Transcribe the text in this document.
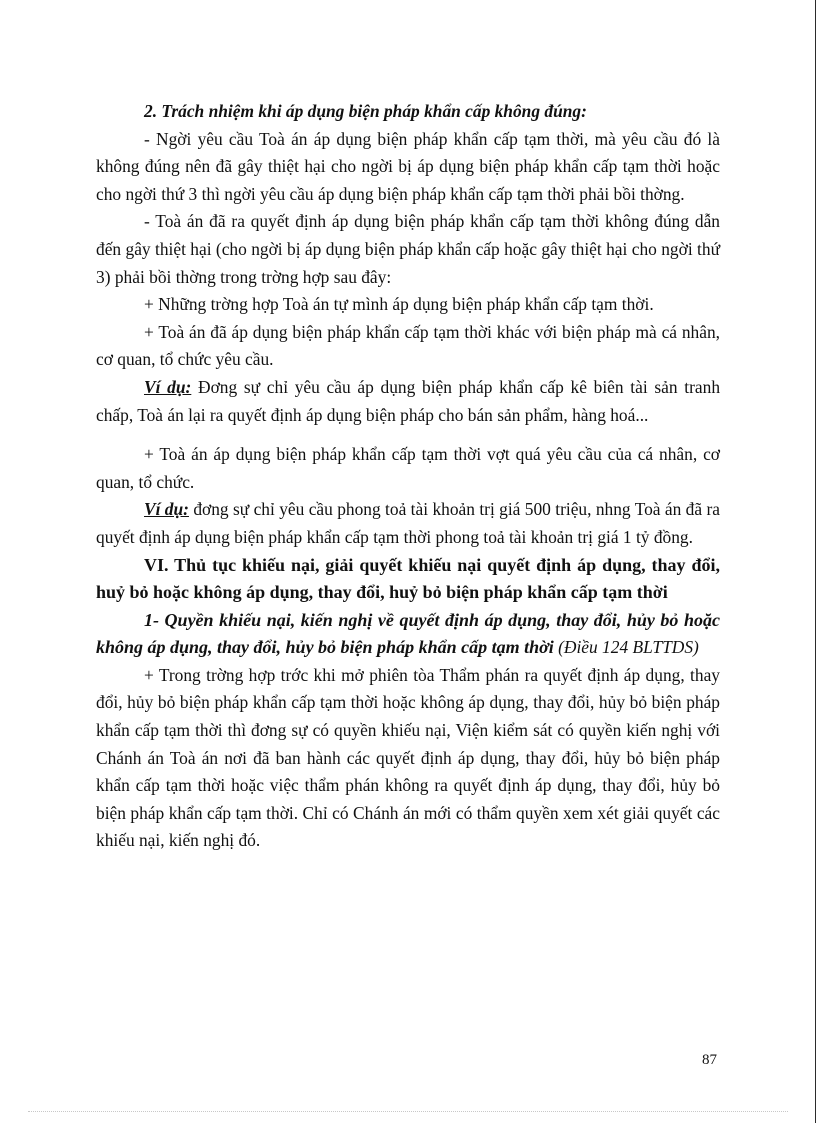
2. Trách nhiệm khi áp dụng biện pháp khẩn cấp không đúng:

- Ngời yêu cầu Toà án áp dụng biện pháp khẩn cấp tạm thời, mà yêu cầu đó là không đúng nên đã gây thiệt hại cho ngời bị áp dụng biện pháp khẩn cấp tạm thời hoặc cho ngời thứ 3 thì ngời yêu cầu áp dụng biện pháp khẩn cấp tạm thời phải bồi thờng.

- Toà án đã ra quyết định áp dụng biện pháp khẩn cấp tạm thời không đúng dẫn đến gây thiệt hại (cho ngời bị áp dụng biện pháp khẩn cấp hoặc gây thiệt hại cho ngời thứ 3) phải bồi thờng trong trờng hợp sau đây:

+ Những trờng hợp Toà án tự mình áp dụng biện pháp khẩn cấp tạm thời.

+ Toà án đã áp dụng biện pháp khẩn cấp tạm thời khác với biện pháp mà cá nhân, cơ quan, tổ chức yêu cầu.

Ví dụ: Đơng sự chỉ yêu cầu áp dụng biện pháp khẩn cấp kê biên tài sản tranh chấp, Toà án lại ra quyết định áp dụng biện pháp cho bán sản phẩm, hàng hoá...

+ Toà án áp dụng biện pháp khẩn cấp tạm thời vợt quá yêu cầu của cá nhân, cơ quan, tổ chức.

Ví dụ: đơng sự chỉ yêu cầu phong toả tài khoản trị giá 500 triệu, nhng Toà án đã ra quyết định áp dụng biện pháp khẩn cấp tạm thời phong toả tài khoản trị giá 1 tỷ đồng.

VI. Thủ tục khiếu nại, giải quyết khiếu nại quyết định áp dụng, thay đổi, huỷ bỏ hoặc không áp dụng, thay đổi, huỷ bỏ biện pháp khẩn cấp tạm thời

1- Quyền khiếu nại, kiến nghị về quyết định áp dụng, thay đổi, hủy bỏ hoặc không áp dụng, thay đổi, hủy bỏ biện pháp khẩn cấp tạm thời (Điều 124 BLTTDS)

+ Trong trờng hợp trớc khi mở phiên tòa Thẩm phán ra quyết định áp dụng, thay đổi, hủy bỏ biện pháp khẩn cấp tạm thời hoặc không áp dụng, thay đổi, hủy bỏ biện pháp khẩn cấp tạm thời thì đơng sự có quyền khiếu nại, Viện kiểm sát có quyền kiến nghị với Chánh án Toà án nơi đã ban hành các quyết định áp dụng, thay đổi, hủy bỏ biện pháp khẩn cấp tạm thời hoặc việc thẩm phán không ra quyết định áp dụng, thay đổi, hủy bỏ biện pháp khẩn cấp tạm thời. Chỉ có Chánh án mới có thẩm quyền xem xét giải quyết các khiếu nại, kiến nghị đó.

87
